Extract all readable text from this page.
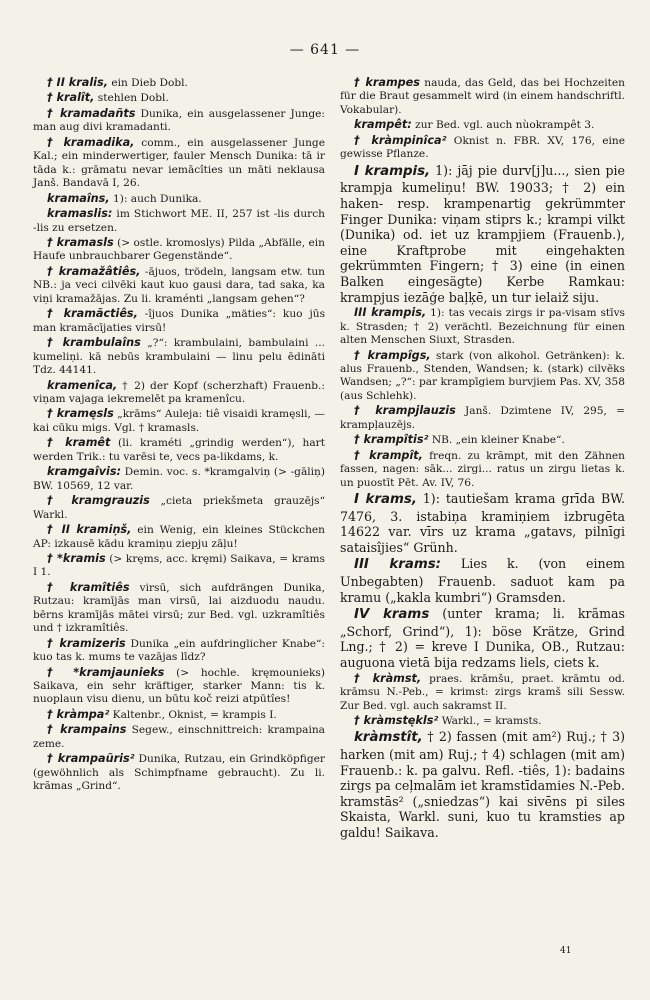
— 641 —

† II kralis, ein Dieb Dobl.

† kralît, stehlen Dobl.

† kramadañts Dunika, ein ausgelassener Junge: man aug divi kramadanti.

† kramadika, comm., ein ausgelassener Junge Kal.; ein minderwertiger, fauler Mensch Dunika: tā ir tāda k.: grāmatu nevar iemācîties un māti neklausa Janš. Bandavā I, 26.

kramaîns, 1): auch Dunika.

kramaslis: im Stichwort ME. II, 257 ist -lis durch -lis zu ersetzen.

† kramasls (> ostle. kromoslys) Pilda „Abfälle, ein Haufe unbrauchbarer Gegenstände“.

† kramažâtiês, -ājuos, trödeln, langsam etw. tun NB.: ja veci cilvēki kaut kuo gausi dara, tad saka, ka viņi kramažājas. Zu li. kraménti „langsam gehen“?

† kramãctiês, -îjuos Dunika „mäties“: kuo jūs man kramācījaties virsū!

† krambulaîns „?“: krambulaini, bambulaini ... kumeliņi. kā nebūs krambulaini — linu pelu ēdināti Tdz. 44141.

kramenîca, † 2) der Kopf (scherzhaft) Frauenb.: viņam vajaga iekremelēt pa kramenîcu.

† kramęsls „krāms“ Auleja: tiê visaidi kramęsli, — kai cūku migs. Vgl. † kramasls.

† kramêt (li. kraméti „grindig werden“), hart werden Trik.: tu varēsi te, vecs pa-likdams, k.

kramgaîvis: Demin. voc. s. *kramgalviņ (> -gāliņ) BW. 10569, 12 var.

† kramgrauzis „cieta priekšmeta grauzējs“ Warkl.

† II kramiņš, ein Wenig, ein kleines Stückchen AP: izkausē kādu kramiņu ziepju zāļu!

† *kramis (> kręms, acc. kręmi) Saikava, = krams I 1.

† kramîtiês virsū, sich aufdrängen Dunika, Rutzau: kramījās man virsū, lai aizduodu naudu. bērns kramījās mātei virsū; zur Bed. vgl. uzkramîtiês und † izkramîtiês.

† kramizeris Dunika „ein aufdringlicher Knabe“: kuo tas k. mums te vazājas līdz?

† *kramjaunieks (> hochle. kręmounieks) Saikava, ein sehr kräftiger, starker Mann: tis k. nuoplaun visu dienu, un būtu koč reizi atpūtîes!

† kràmpa² Kaltenbr., Oknist, = krampis I.

† krampains Segew., einschnittreich: krampaina zeme.

† krampaũris² Dunika, Rutzau, ein Grindköpfiger (gewöhnlich als Schimpfname gebraucht). Zu li. krãmas „Grind“.

† krampes nauda, das Geld, das bei Hochzeiten für die Braut gesammelt wird (in einem handschriftl. Vokabular).

krampêt: zur Bed. vgl. auch nùokrampêt 3.

† kràmpinîca² Oknist n. FBR. XV, 176, eine gewisse Pflanze.

I krampis, 1): jāj pie durv[j]u..., sien pie krampja kumeliņu! BW. 19033; † 2) ein haken- resp. krampenartig gekrümmter Finger Dunika: viņam stiprs k.; krampi vilkt (Dunika) od. iet uz krampjiem (Frauenb.), eine Kraftprobe mit eingehakten gekrümmten Fingern; † 3) eine (in einen Balken eingesägte) Kerbe Ramkau: krampjus iezāģe baļķē, un tur ielaiž siju.

III krampis, 1): tas vecais zirgs ir pa-visam stīvs k. Strasden; † 2) verächtl. Bezeichnung für einen alten Menschen Siuxt, Strasden.

† krampîgs, stark (von alkohol. Getränken): k. alus Frauenb., Stenden, Wandsen; k. (stark) cilvēks Wandsen; „?“: par krampīgiem burvjiem Pas. XV, 358 (aus Schlehk).

† krampjlauzis Janš. Dzimtene IV, 295, = krampļauzējs.

† krampîtis² NB. „ein kleiner Knabe“.

† krampît, freqn. zu krãmpt, mit den Zähnen fassen, nagen: sāk... zirgi... ratus un zirgu lietas k. un puostīt Pēt. Av. IV, 76.

I krams, 1): tautiešam krama grīda BW. 7476, 3. istabiņa kramiņiem izbrugēta 14622 var. vīrs uz krama „gatavs, pilnīgi sataisîjies“ Grünh.

III krams: Lies k. (von einem Unbegabten) Frauenb. saduot kam pa kramu („kakla kumbri“) Gramsden.

IV krams (unter krama; li. krãmas „Schorf, Grind“), 1): böse Krätze, Grind Lng.; † 2) = kreve I Dunika, OB., Rutzau: auguona vietā bija redzams liels, ciets k.

† kràmst, praes. krāmšu, praet. krāmtu od. krāmsu N.-Peb., = krimst: zirgs kramš sili Sessw. Zur Bed. vgl. auch sakramst II.

† kràmstękls² Warkl., = kramsts.

kràmstît, † 2) fassen (mit am²) Ruj.; † 3) harken (mit am) Ruj.; † 4) schlagen (mit am) Frauenb.: k. pa galvu. Refl. -tiês, 1): badains zirgs pa ceļmalām iet kramstīdamies N.-Peb. kramstās² („sniedzas“) kai sivēns pi siles Skaista, Warkl. suni, kuo tu kramsties ap galdu! Saikava.

41
